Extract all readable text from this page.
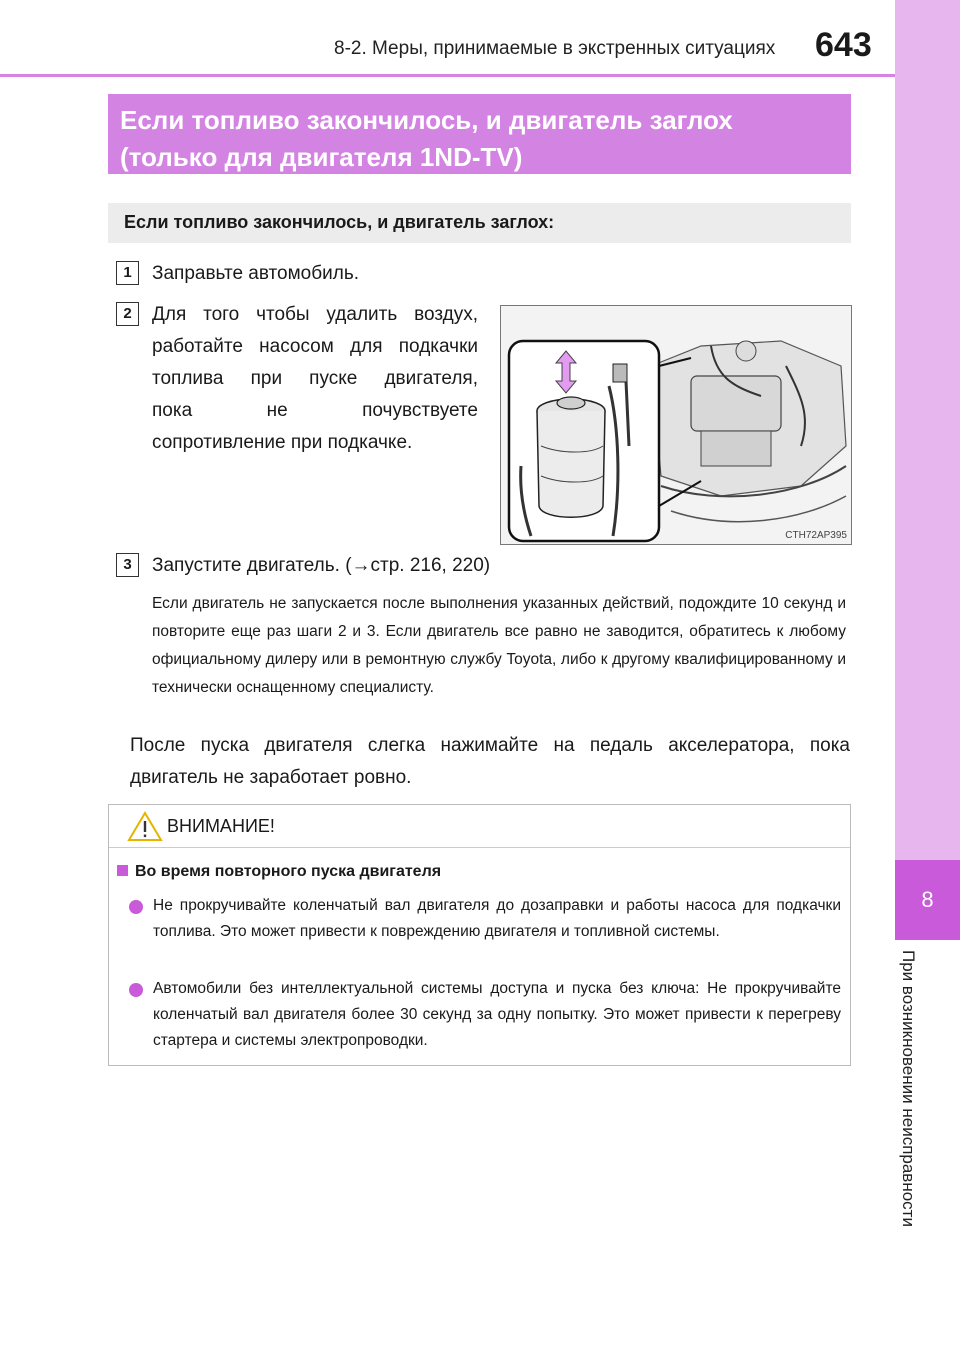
8-2. Меры, принимаемые в экстренных ситуациях 643
8
При возникновении неисправности
Если топливо закончилось, и двигатель заглох
(только для двигателя 1ND-TV)
Если топливо закончилось, и двигатель заглох:
1	Заправьте автомобиль.
2	Для того чтобы удалить воздух,
работайте насосом для подкачки
топлива при пуске двигателя,
пока не почувствуете
сопротивление при подкачке.
CTH72AP395
3	Запустите двигатель. (→стр. 216, 220)
Если двигатель не запускается после выполнения указанных действий, подождите 10 секунд и повторите еще раз шаги 2 и 3. Если двигатель все равно не заводится, обратитесь к любому официальному дилеру или в ремонтную службу Toyota, либо к другому квалифицированному и технически оснащенному специалисту.
После пуска двигателя слегка нажимайте на педаль акселератора, пока двигатель не заработает ровно.
ВНИМАНИЕ!
Во время повторного пуска двигателя
Не прокручивайте коленчатый вал двигателя до дозаправки и работы насоса для подкачки топлива. Это может привести к повреждению двигателя и топливной системы.
Автомобили без интеллектуальной системы доступа и пуска без ключа: Не прокручивайте коленчатый вал двигателя более 30 секунд за одну попытку. Это может привести к перегреву стартера и системы электропроводки.
